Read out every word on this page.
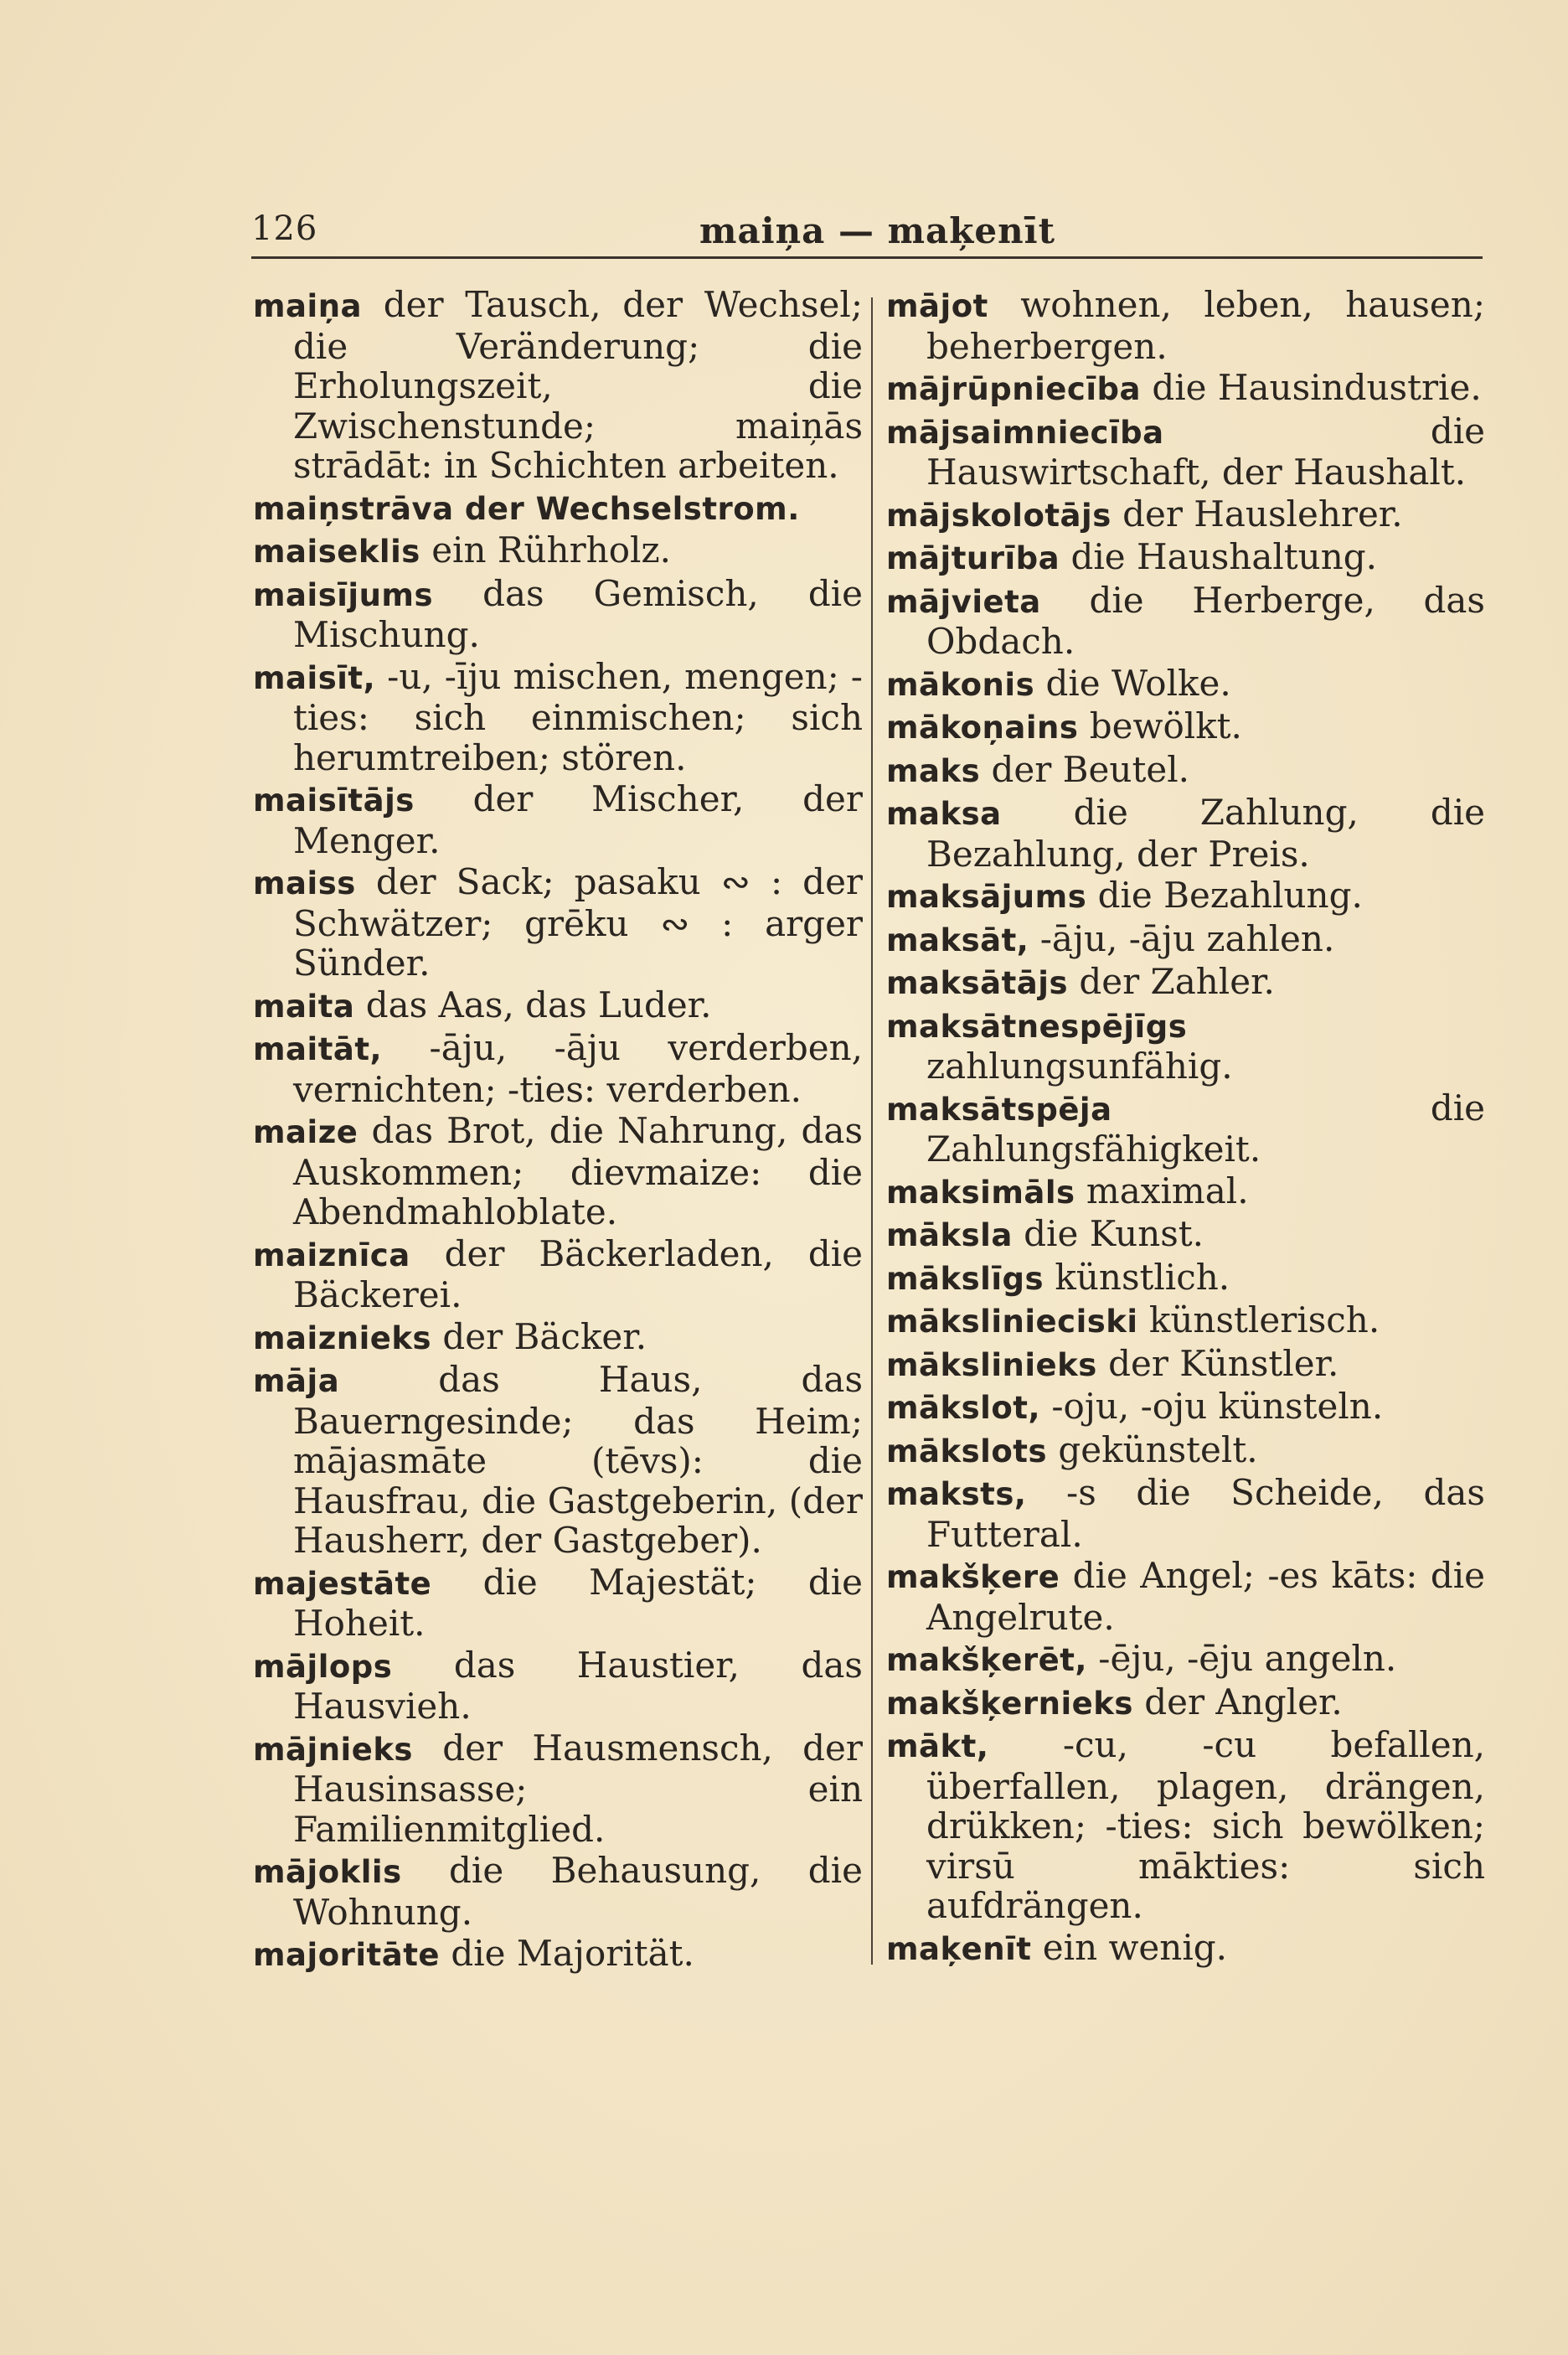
126	maiņa — maķenīt

maiņa der Tausch, der Wechsel; die Veränderung; die Erholungszeit, die Zwischenstunde; maiņās strādāt: in Schichten arbeiten.

maiņstrāva der Wechselstrom.

maiseklis ein Rührholz.

maisījums das Gemisch, die Mischung.

maisīt, -u, -īju mischen, mengen; -ties: sich einmischen; sich herumtreiben; stören.

maisītājs der Mischer, der Menger.

maiss der Sack; pasaku ∾ : der Schwätzer; grēku ∾ : arger Sünder.

maita das Aas, das Luder.

maitāt, -āju, -āju verderben, vernichten; -ties: verderben.

maize das Brot, die Nahrung, das Auskommen; dievmaize: die Abendmahloblate.

maiznīca der Bäckerladen, die Bäckerei.

maiznieks der Bäcker.

māja	das Haus, das Bauerngesinde; das Heim; mājasmāte (tēvs): die Hausfrau, die Gastgeberin, (der Hausherr, der Gastgeber).

majestāte die Majestät; die Hoheit.

mājlops das Haustier, das Hausvieh.

mājnieks der Hausmensch, der Hausinsasse; ein Familienmitglied.

mājoklis die Behausung, die Wohnung.

majoritāte die Majorität.

mājot wohnen, leben, hausen; beherbergen.

mājrūpniecība die Hausindustrie.

mājsaimniecība	die Hauswirtschaft, der Haushalt.

mājskolotājs der Hauslehrer.

mājturība die Haushaltung.

mājvieta die Herberge, das Obdach.

mākonis die Wolke.

mākoņains bewölkt.

maks der Beutel.

maksa die Zahlung, die Bezahlung, der Preis.

maksājums die Bezahlung.

maksāt, -āju, -āju zahlen.

maksātājs der Zahler.

maksātnespējīgs zahlungsunfähig.

maksātspēja	die Zahlungsfähigkeit.

maksimāls maximal.

māksla die Kunst.

mākslīgs künstlich.

mākslinieciski künstlerisch.

mākslinieks der Künstler.

mākslot, -oju, -oju künsteln.

mākslots gekünstelt.

maksts, -s die Scheide, das Futteral.

makšķere die Angel; -es kāts: die Angelrute.

makšķerēt, -ēju, -ēju angeln.

makšķernieks der Angler.

mākt, -cu, -cu befallen, überfallen, plagen, drängen, drükken; -ties: sich bewölken; virsū mākties: sich aufdrängen.

maķenīt ein wenig.
